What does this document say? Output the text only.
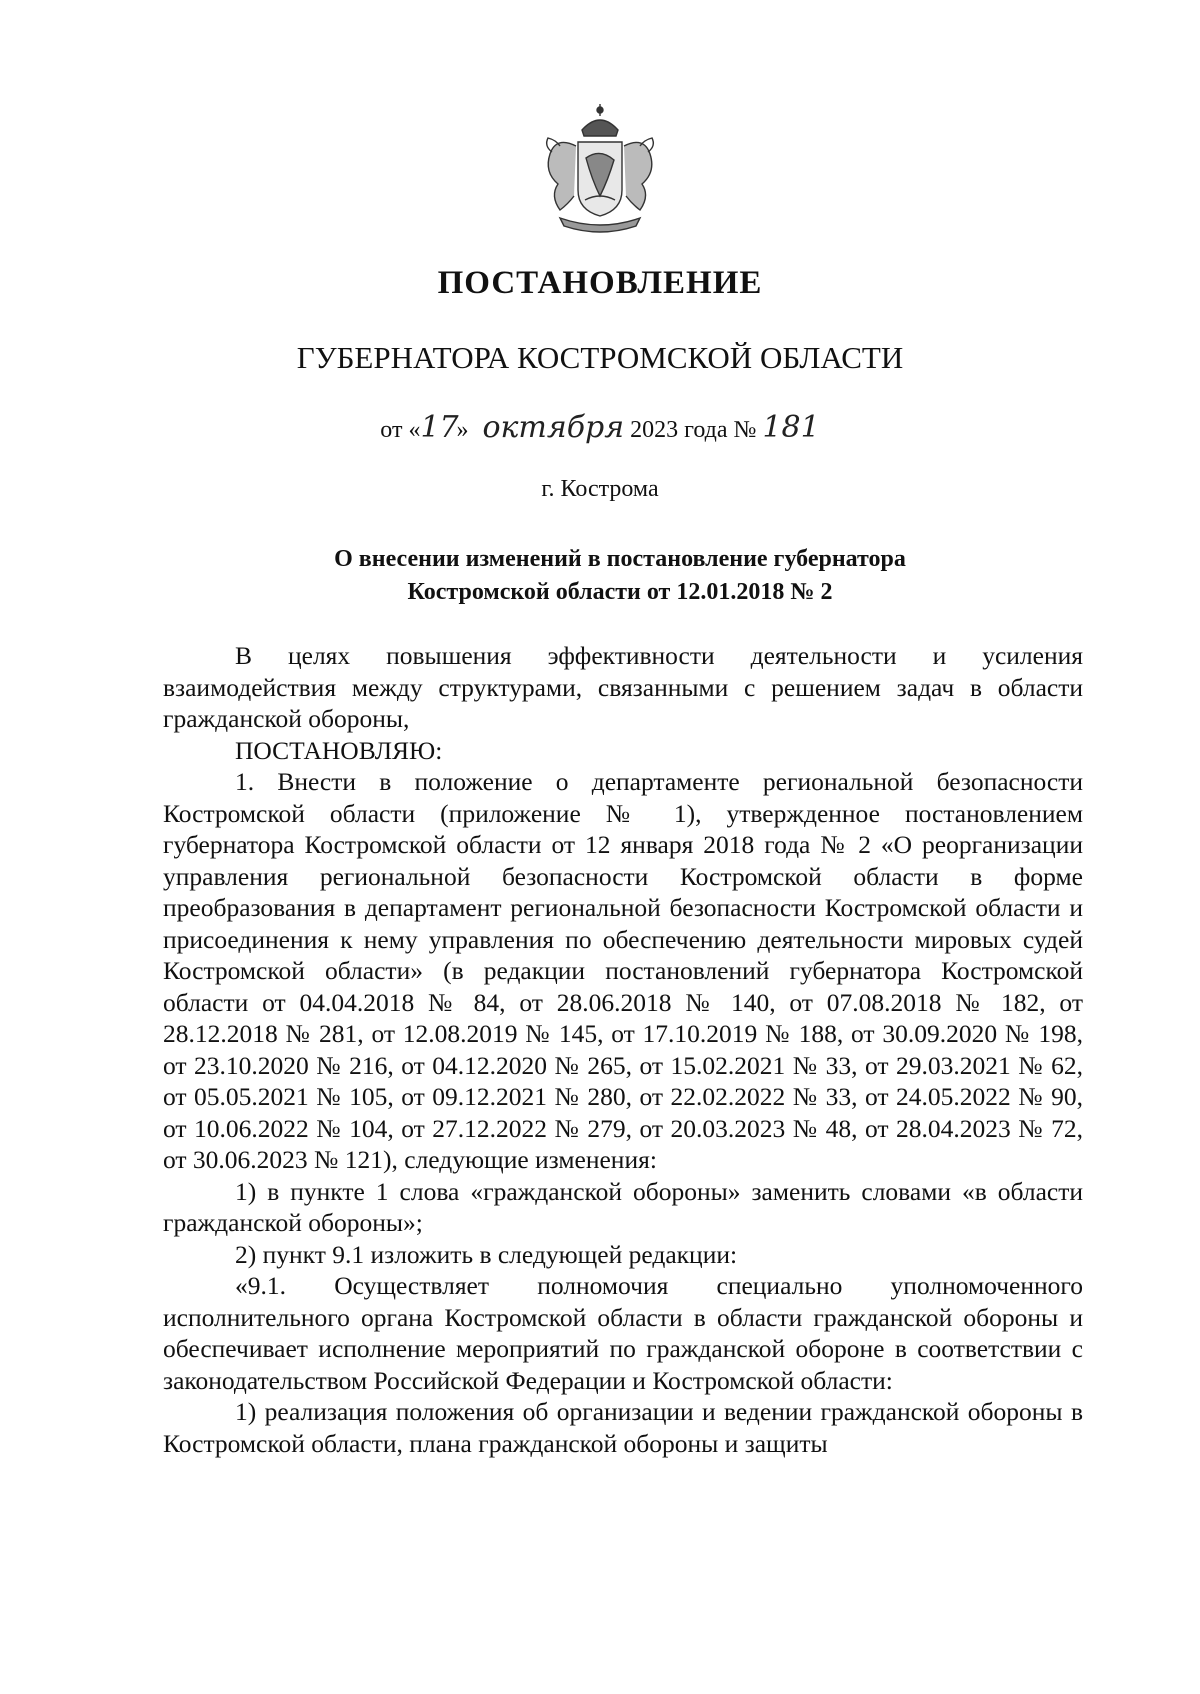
ПОСТАНОВЛЕНИЕ
ГУБЕРНАТОРА КОСТРОМСКОЙ ОБЛАСТИ
от «17» октября 2023 года № 181
г. Кострома
О внесении изменений в постановление губернатора
Костромской области от 12.01.2018 № 2

В целях повышения эффективности деятельности и усиления взаимодействия между структурами, связанными с решением задач в области гражданской обороны,

ПОСТАНОВЛЯЮ:

1. Внести в положение о департаменте региональной безопасности Костромской области (приложение № 1), утвержденное постановлением губернатора Костромской области от 12 января 2018 года № 2 «О реорганизации управления региональной безопасности Костромской области в форме преобразования в департамент региональной безопасности Костромской области и присоединения к нему управления по обеспечению деятельности мировых судей Костромской области» (в редакции постановлений губернатора Костромской области от 04.04.2018 № 84, от 28.06.2018 № 140, от 07.08.2018 № 182, от 28.12.2018 № 281, от 12.08.2019 № 145, от 17.10.2019 № 188, от 30.09.2020 № 198, от 23.10.2020 № 216, от 04.12.2020 № 265, от 15.02.2021 № 33, от 29.03.2021 № 62, от 05.05.2021 № 105, от 09.12.2021 № 280, от 22.02.2022 № 33, от 24.05.2022 № 90, от 10.06.2022 № 104, от 27.12.2022 № 279, от 20.03.2023 № 48, от 28.04.2023 № 72, от 30.06.2023 № 121), следующие изменения:

1) в пункте 1 слова «гражданской обороны» заменить словами «в области гражданской обороны»;

2) пункт 9.1 изложить в следующей редакции:

«9.1. Осуществляет полномочия специально уполномоченного исполнительного органа Костромской области в области гражданской обороны и обеспечивает исполнение мероприятий по гражданской обороне в соответствии с законодательством Российской Федерации и Костромской области:

1) реализация положения об организации и ведении гражданской обороны в Костромской области, плана гражданской обороны и защиты
